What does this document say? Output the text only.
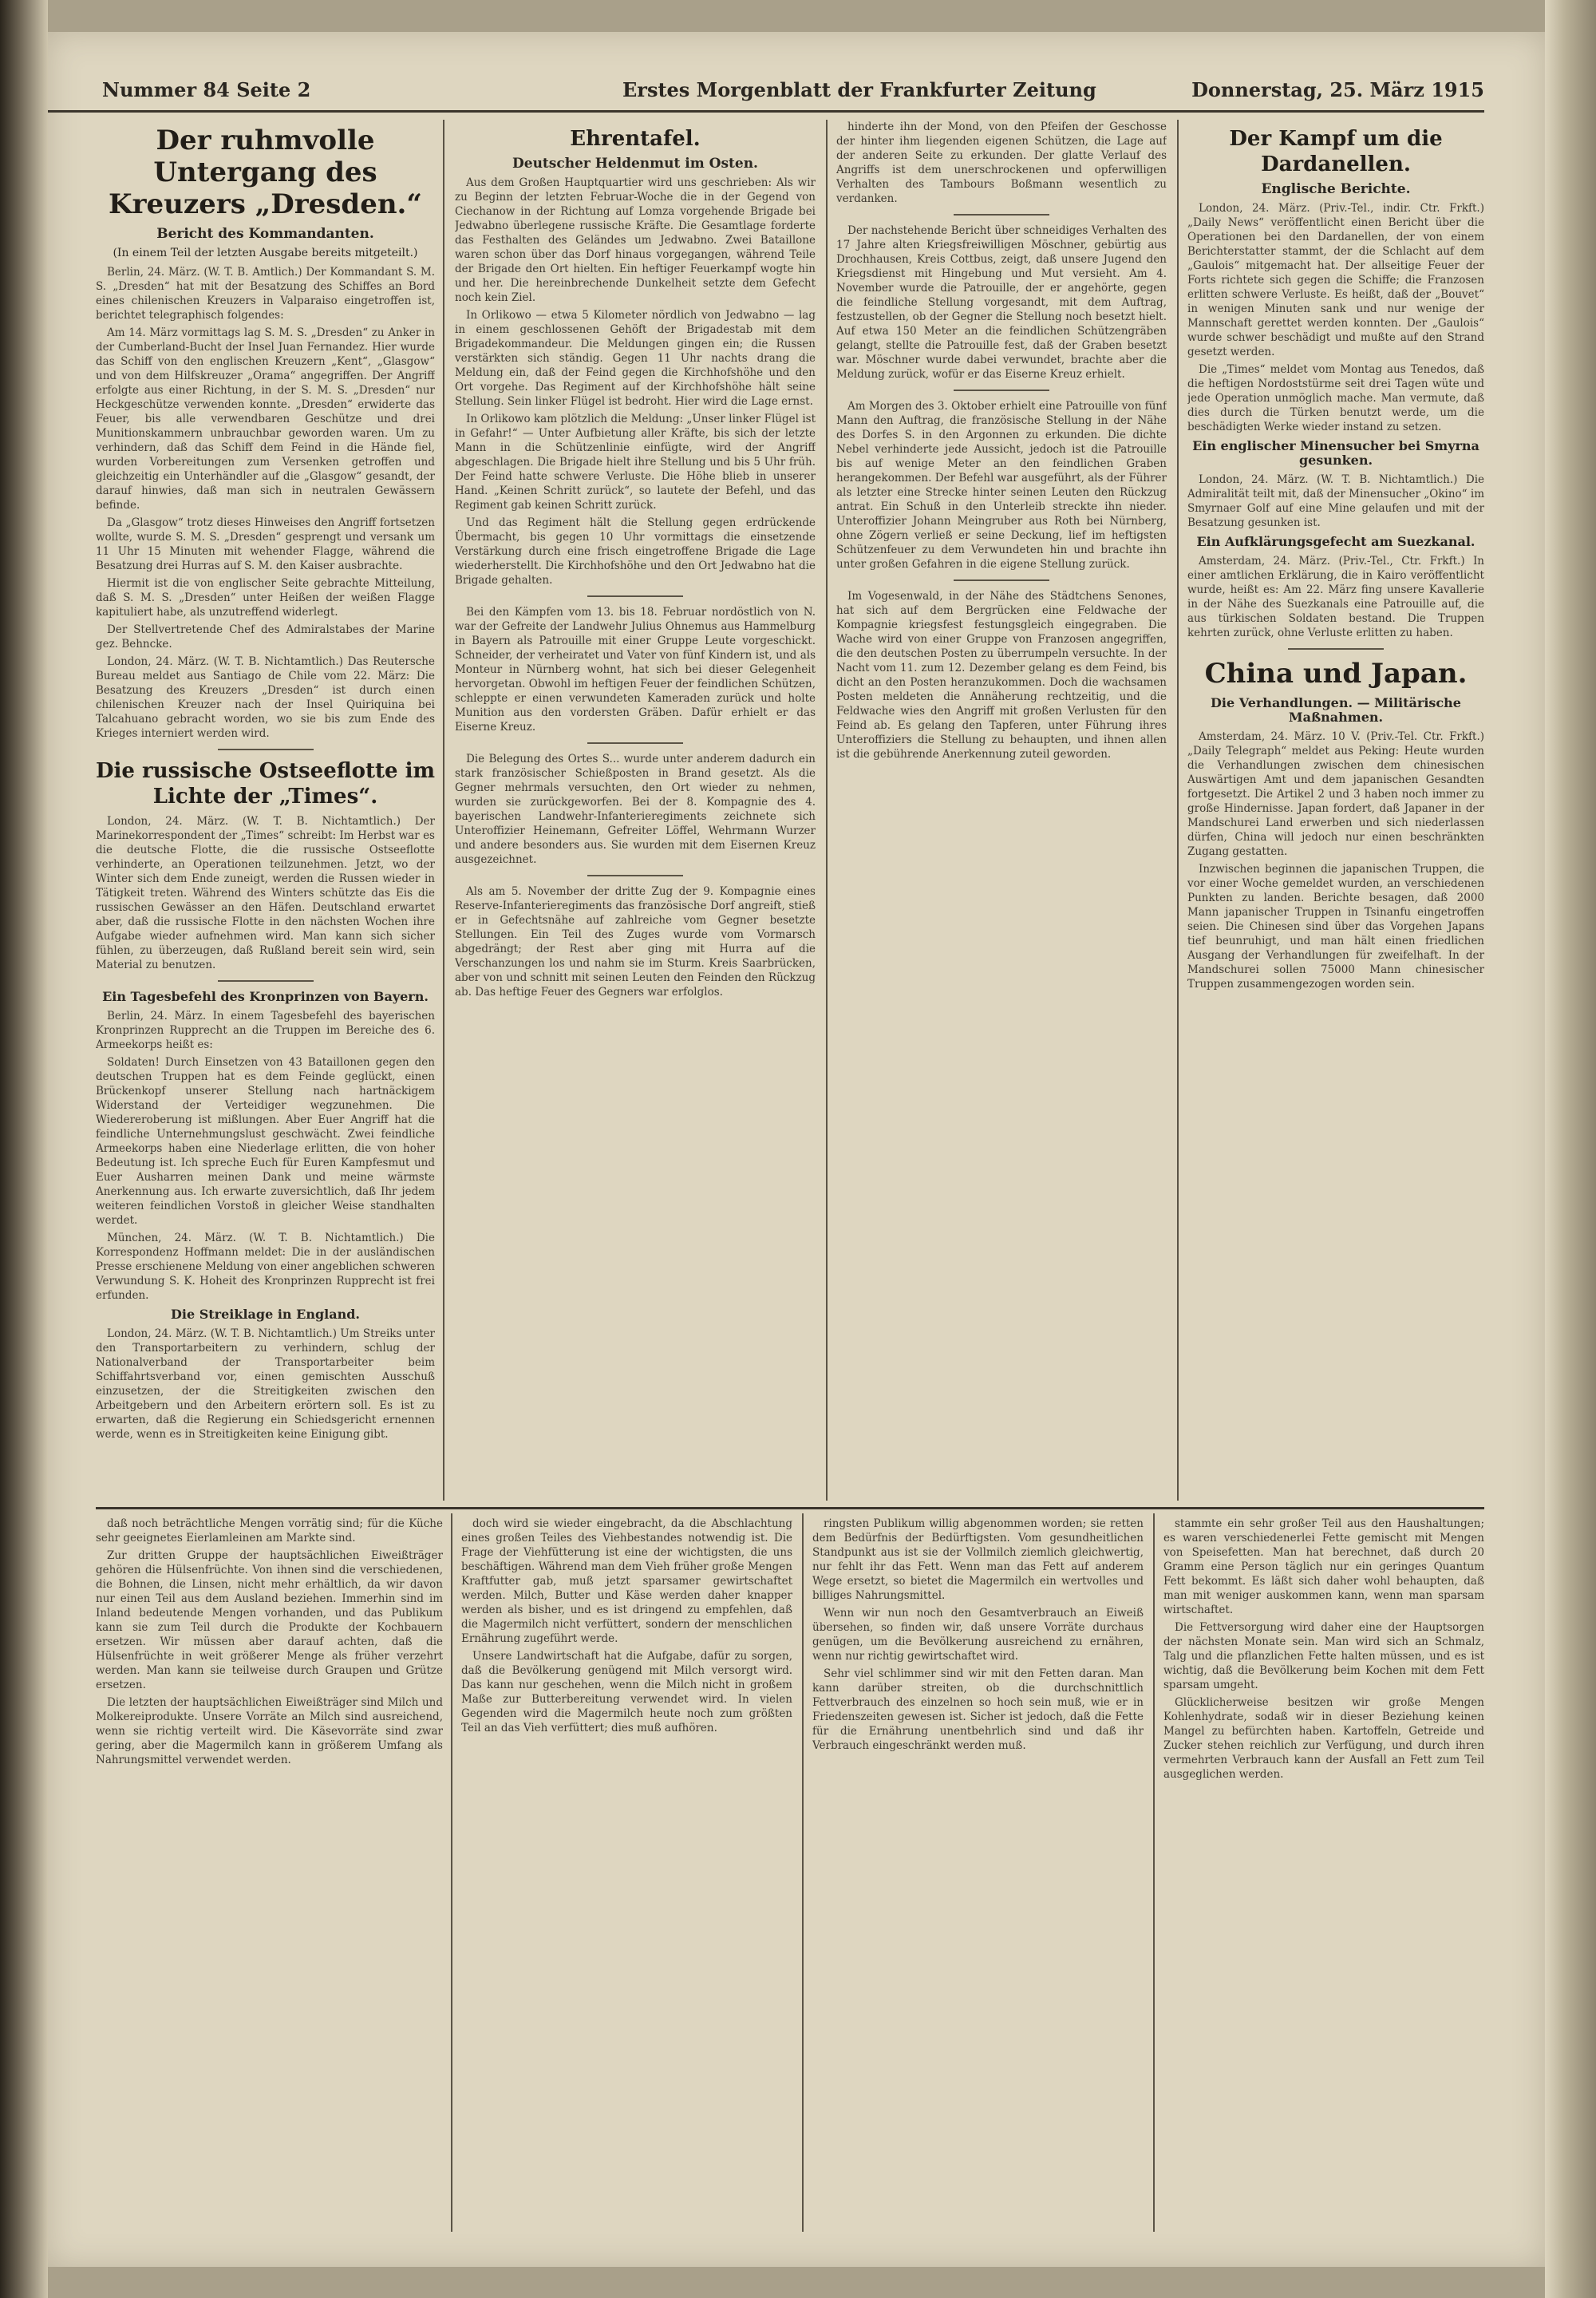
Nummer 84 Seite 2	Erstes Morgenblatt der Frankfurter Zeitung	Donnerstag, 25. März 1915
Der ruhmvolle Untergang des Kreuzers „Dresden.“
Bericht des Kommandanten.
(In einem Teil der letzten Ausgabe bereits mitgeteilt.)

Berlin, 24. März. (W. T. B. Amtlich.) Der Kommandant S. M. S. „Dresden“ hat mit der Besatzung des Schiffes an Bord eines chilenischen Kreuzers in Valparaiso eingetroffen ist, berichtet telegraphisch folgendes:

Am 14. März vormittags lag S. M. S. „Dresden“ zu Anker in der Cumberland-Bucht der Insel Juan Fernandez. Hier wurde das Schiff von den englischen Kreuzern „Kent“, „Glasgow“ und von dem Hilfskreuzer „Orama“ angegriffen. Der Angriff erfolgte aus einer Richtung, in der S. M. S. „Dresden“ nur Heckgeschütze verwenden konnte. „Dresden“ erwiderte das Feuer, bis alle verwendbaren Geschütze und drei Munitionskammern unbrauchbar geworden waren. Um zu verhindern, daß das Schiff dem Feind in die Hände fiel, wurden Vorbereitungen zum Versenken getroffen und gleichzeitig ein Unterhändler auf die „Glasgow“ gesandt, der darauf hinwies, daß man sich in neutralen Gewässern befinde.

Da „Glasgow“ trotz dieses Hinweises den Angriff fortsetzen wollte, wurde S. M. S. „Dresden“ gesprengt und versank um 11 Uhr 15 Minuten mit wehender Flagge, während die Besatzung drei Hurras auf S. M. den Kaiser ausbrachte.

Hiermit ist die von englischer Seite gebrachte Mitteilung, daß S. M. S. „Dresden“ unter Heißen der weißen Flagge kapituliert habe, als unzutreffend widerlegt.

Der Stellvertretende Chef des Admiralstabes der Marine gez. Behncke.

London, 24. März. (W. T. B. Nichtamtlich.) Das Reutersche Bureau meldet aus Santiago de Chile vom 22. März: Die Besatzung des Kreuzers „Dresden“ ist durch einen chilenischen Kreuzer nach der Insel Quiriquina bei Talcahuano gebracht worden, wo sie bis zum Ende des Krieges interniert werden wird.

Die russische Ostseeflotte im Lichte der „Times“.

London, 24. März. (W. T. B. Nichtamtlich.) Der Marinekorrespondent der „Times“ schreibt: Im Herbst war es die deutsche Flotte, die die russische Ostseeflotte verhinderte, an Operationen teilzunehmen. Jetzt, wo der Winter sich dem Ende zuneigt, werden die Russen wieder in Tätigkeit treten. Während des Winters schützte das Eis die russischen Gewässer an den Häfen. Deutschland erwartet aber, daß die russische Flotte in den nächsten Wochen ihre Aufgabe wieder aufnehmen wird. Man kann sich sicher fühlen, zu überzeugen, daß Rußland bereit sein wird, sein Material zu benutzen.

Ein Tagesbefehl des Kronprinzen von Bayern.

Berlin, 24. März. In einem Tagesbefehl des bayerischen Kronprinzen Rupprecht an die Truppen im Bereiche des 6. Armeekorps heißt es:

Soldaten! Durch Einsetzen von 43 Bataillonen gegen den deutschen Truppen hat es dem Feinde geglückt, einen Brückenkopf unserer Stellung nach hartnäckigem Widerstand der Verteidiger wegzunehmen. Die Wiedereroberung ist mißlungen. Aber Euer Angriff hat die feindliche Unternehmungslust geschwächt. Zwei feindliche Armeekorps haben eine Niederlage erlitten, die von hoher Bedeutung ist. Ich spreche Euch für Euren Kampfesmut und Euer Ausharren meinen Dank und meine wärmste Anerkennung aus. Ich erwarte zuversichtlich, daß Ihr jedem weiteren feindlichen Vorstoß in gleicher Weise standhalten werdet.

München, 24. März. (W. T. B. Nichtamtlich.) Die Korrespondenz Hoffmann meldet: Die in der ausländischen Presse erschienene Meldung von einer angeblichen schweren Verwundung S. K. Hoheit des Kronprinzen Rupprecht ist frei erfunden.

Die Streiklage in England.

London, 24. März. (W. T. B. Nichtamtlich.) Um Streiks unter den Transportarbeitern zu verhindern, schlug der Nationalverband der Transportarbeiter beim Schiffahrtsverband vor, einen gemischten Ausschuß einzusetzen, der die Streitigkeiten zwischen den Arbeitgebern und den Arbeitern erörtern soll. Es ist zu erwarten, daß die Regierung ein Schiedsgericht ernennen werde, wenn es in Streitigkeiten keine Einigung gibt.

Ehrentafel.
Deutscher Heldenmut im Osten.

Aus dem Großen Hauptquartier wird uns geschrieben: Als wir zu Beginn der letzten Februar-Woche die in der Gegend von Ciechanow in der Richtung auf Lomza vorgehende Brigade bei Jedwabno überlegene russische Kräfte. Die Gesamtlage forderte das Festhalten des Geländes um Jedwabno. Zwei Bataillone waren schon über das Dorf hinaus vorgegangen, während Teile der Brigade den Ort hielten. Ein heftiger Feuerkampf wogte hin und her. Die hereinbrechende Dunkelheit setzte dem Gefecht noch kein Ziel.

In Orlikowo — etwa 5 Kilometer nördlich von Jedwabno — lag in einem geschlossenen Gehöft der Brigadestab mit dem Brigadekommandeur. Die Meldungen gingen ein; die Russen verstärkten sich ständig. Gegen 11 Uhr nachts drang die Meldung ein, daß der Feind gegen die Kirchhofshöhe und den Ort vorgehe. Das Regiment auf der Kirchhofshöhe hält seine Stellung. Sein linker Flügel ist bedroht. Hier wird die Lage ernst.

In Orlikowo kam plötzlich die Meldung: „Unser linker Flügel ist in Gefahr!“ — Unter Aufbietung aller Kräfte, bis sich der letzte Mann in die Schützenlinie einfügte, wird der Angriff abgeschlagen. Die Brigade hielt ihre Stellung und bis 5 Uhr früh. Der Feind hatte schwere Verluste. Die Höhe blieb in unserer Hand. „Keinen Schritt zurück“, so lautete der Befehl, und das Regiment gab keinen Schritt zurück.

Und das Regiment hält die Stellung gegen erdrückende Übermacht, bis gegen 10 Uhr vormittags die einsetzende Verstärkung durch eine frisch eingetroffene Brigade die Lage wiederherstellt. Die Kirchhofshöhe und den Ort Jedwabno hat die Brigade gehalten.

Bei den Kämpfen vom 13. bis 18. Februar nordöstlich von N. war der Gefreite der Landwehr Julius Ohnemus aus Hammelburg in Bayern als Patrouille mit einer Gruppe Leute vorgeschickt. Schneider, der verheiratet und Vater von fünf Kindern ist, und als Monteur in Nürnberg wohnt, hat sich bei dieser Gelegenheit hervorgetan. Obwohl im heftigen Feuer der feindlichen Schützen, schleppte er einen verwundeten Kameraden zurück und holte Munition aus den vordersten Gräben. Dafür erhielt er das Eiserne Kreuz.

Die Belegung des Ortes S... wurde unter anderem dadurch ein stark französischer Schießposten in Brand gesetzt. Als die Gegner mehrmals versuchten, den Ort wieder zu nehmen, wurden sie zurückgeworfen. Bei der 8. Kompagnie des 4. bayerischen Landwehr-Infanterieregiments zeichnete sich Unteroffizier Heinemann, Gefreiter Löffel, Wehrmann Wurzer und andere besonders aus. Sie wurden mit dem Eisernen Kreuz ausgezeichnet.

Als am 5. November der dritte Zug der 9. Kompagnie eines Reserve-Infanterieregiments das französische Dorf angreift, stieß er in Gefechtsnähe auf zahlreiche vom Gegner besetzte Stellungen. Ein Teil des Zuges wurde vom Vormarsch abgedrängt; der Rest aber ging mit Hurra auf die Verschanzungen los und nahm sie im Sturm. Kreis Saarbrücken, aber von und schnitt mit seinen Leuten den Feinden den Rückzug ab. Das heftige Feuer des Gegners war erfolglos.

hinderte ihn der Mond, von den Pfeifen der Geschosse der hinter ihm liegenden eigenen Schützen, die Lage auf der anderen Seite zu erkunden. Der glatte Verlauf des Angriffs ist dem unerschrockenen und opferwilligen Verhalten des Tambours Boßmann wesentlich zu verdanken.

Der nachstehende Bericht über schneidiges Verhalten des 17 Jahre alten Kriegsfreiwilligen Möschner, gebürtig aus Drochhausen, Kreis Cottbus, zeigt, daß unsere Jugend den Kriegsdienst mit Hingebung und Mut versieht. Am 4. November wurde die Patrouille, der er angehörte, gegen die feindliche Stellung vorgesandt, mit dem Auftrag, festzustellen, ob der Gegner die Stellung noch besetzt hielt. Auf etwa 150 Meter an die feindlichen Schützengräben gelangt, stellte die Patrouille fest, daß der Graben besetzt war. Möschner wurde dabei verwundet, brachte aber die Meldung zurück, wofür er das Eiserne Kreuz erhielt.

Am Morgen des 3. Oktober erhielt eine Patrouille von fünf Mann den Auftrag, die französische Stellung in der Nähe des Dorfes S. in den Argonnen zu erkunden. Die dichte Nebel verhinderte jede Aussicht, jedoch ist die Patrouille bis auf wenige Meter an den feindlichen Graben herangekommen. Der Befehl war ausgeführt, als der Führer als letzter eine Strecke hinter seinen Leuten den Rückzug antrat. Ein Schuß in den Unterleib streckte ihn nieder. Unteroffizier Johann Meingruber aus Roth bei Nürnberg, ohne Zögern verließ er seine Deckung, lief im heftigsten Schützenfeuer zu dem Verwundeten hin und brachte ihn unter großen Gefahren in die eigene Stellung zurück.

Im Vogesenwald, in der Nähe des Städtchens Senones, hat sich auf dem Bergrücken eine Feldwache der Kompagnie kriegsfest festungsgleich eingegraben. Die Wache wird von einer Gruppe von Franzosen angegriffen, die den deutschen Posten zu überrumpeln versuchte. In der Nacht vom 11. zum 12. Dezember gelang es dem Feind, bis dicht an den Posten heranzukommen. Doch die wachsamen Posten meldeten die Annäherung rechtzeitig, und die Feldwache wies den Angriff mit großen Verlusten für den Feind ab. Es gelang den Tapferen, unter Führung ihres Unteroffiziers die Stellung zu behaupten, und ihnen allen ist die gebührende Anerkennung zuteil geworden.

Der Kampf um die Dardanellen.
Englische Berichte.

London, 24. März. (Priv.-Tel., indir. Ctr. Frkft.) „Daily News“ veröffentlicht einen Bericht über die Operationen bei den Dardanellen, der von einem Berichterstatter stammt, der die Schlacht auf dem „Gaulois“ mitgemacht hat. Der allseitige Feuer der Forts richtete sich gegen die Schiffe; die Franzosen erlitten schwere Verluste. Es heißt, daß der „Bouvet“ in wenigen Minuten sank und nur wenige der Mannschaft gerettet werden konnten. Der „Gaulois“ wurde schwer beschädigt und mußte auf den Strand gesetzt werden.

Die „Times“ meldet vom Montag aus Tenedos, daß die heftigen Nordoststürme seit drei Tagen wüte und jede Operation unmöglich mache. Man vermute, daß dies durch die Türken benutzt werde, um die beschädigten Werke wieder instand zu setzen.

Ein englischer Minensucher bei Smyrna gesunken.

London, 24. März. (W. T. B. Nichtamtlich.) Die Admiralität teilt mit, daß der Minensucher „Okino“ im Smyrnaer Golf auf eine Mine gelaufen und mit der Besatzung gesunken ist.

Ein Aufklärungsgefecht am Suezkanal.

Amsterdam, 24. März. (Priv.-Tel., Ctr. Frkft.) In einer amtlichen Erklärung, die in Kairo veröffentlicht wurde, heißt es: Am 22. März fing unsere Kavallerie in der Nähe des Suezkanals eine Patrouille auf, die aus türkischen Soldaten bestand. Die Truppen kehrten zurück, ohne Verluste erlitten zu haben.

China und Japan.
Die Verhandlungen. — Militärische Maßnahmen.

Amsterdam, 24. März. 10 V. (Priv.-Tel. Ctr. Frkft.) „Daily Telegraph“ meldet aus Peking: Heute wurden die Verhandlungen zwischen dem chinesischen Auswärtigen Amt und dem japanischen Gesandten fortgesetzt. Die Artikel 2 und 3 haben noch immer zu große Hindernisse. Japan fordert, daß Japaner in der Mandschurei Land erwerben und sich niederlassen dürfen, China will jedoch nur einen beschränkten Zugang gestatten.

Inzwischen beginnen die japanischen Truppen, die vor einer Woche gemeldet wurden, an verschiedenen Punkten zu landen. Berichte besagen, daß 2000 Mann japanischer Truppen in Tsinanfu eingetroffen seien. Die Chinesen sind über das Vorgehen Japans tief beunruhigt, und man hält einen friedlichen Ausgang der Verhandlungen für zweifelhaft. In der Mandschurei sollen 75000 Mann chinesischer Truppen zusammengezogen worden sein.

daß noch beträchtliche Mengen vorrätig sind; für die Küche sehr geeignetes Eierlamleinen am Markte sind.

Zur dritten Gruppe der hauptsächlichen Eiweißträger gehören die Hülsenfrüchte. Von ihnen sind die verschiedenen, die Bohnen, die Linsen, nicht mehr erhältlich, da wir davon nur einen Teil aus dem Ausland beziehen. Immerhin sind im Inland bedeutende Mengen vorhanden, und das Publikum kann sie zum Teil durch die Produkte der Kochbauern ersetzen. Wir müssen aber darauf achten, daß die Hülsenfrüchte in weit größerer Menge als früher verzehrt werden. Man kann sie teilweise durch Graupen und Grütze ersetzen.

Die letzten der hauptsächlichen Eiweißträger sind Milch und Molkereiprodukte. Unsere Vorräte an Milch sind ausreichend, wenn sie richtig verteilt wird. Die Käsevorräte sind zwar gering, aber die Magermilch kann in größerem Umfang als Nahrungsmittel verwendet werden.

doch wird sie wieder eingebracht, da die Abschlachtung eines großen Teiles des Viehbestandes notwendig ist. Die Frage der Viehfütterung ist eine der wichtigsten, die uns beschäftigen. Während man dem Vieh früher große Mengen Kraftfutter gab, muß jetzt sparsamer gewirtschaftet werden. Milch, Butter und Käse werden daher knapper werden als bisher, und es ist dringend zu empfehlen, daß die Magermilch nicht verfüttert, sondern der menschlichen Ernährung zugeführt werde.

Unsere Landwirtschaft hat die Aufgabe, dafür zu sorgen, daß die Bevölkerung genügend mit Milch versorgt wird. Das kann nur geschehen, wenn die Milch nicht in großem Maße zur Butterbereitung verwendet wird. In vielen Gegenden wird die Magermilch heute noch zum größten Teil an das Vieh verfüttert; dies muß aufhören.

ringsten Publikum willig abgenommen worden; sie retten dem Bedürfnis der Bedürftigsten. Vom gesundheitlichen Standpunkt aus ist sie der Vollmilch ziemlich gleichwertig, nur fehlt ihr das Fett. Wenn man das Fett auf anderem Wege ersetzt, so bietet die Magermilch ein wertvolles und billiges Nahrungsmittel.

Wenn wir nun noch den Gesamtverbrauch an Eiweiß übersehen, so finden wir, daß unsere Vorräte durchaus genügen, um die Bevölkerung ausreichend zu ernähren, wenn nur richtig gewirtschaftet wird.

Sehr viel schlimmer sind wir mit den Fetten daran. Man kann darüber streiten, ob die durchschnittlich Fettverbrauch des einzelnen so hoch sein muß, wie er in Friedenszeiten gewesen ist. Sicher ist jedoch, daß die Fette für die Ernährung unentbehrlich sind und daß ihr Verbrauch eingeschränkt werden muß.

stammte ein sehr großer Teil aus den Haushaltungen; es waren verschiedenerlei Fette gemischt mit Mengen von Speisefetten. Man hat berechnet, daß durch 20 Gramm eine Person täglich nur ein geringes Quantum Fett bekommt. Es läßt sich daher wohl behaupten, daß man mit weniger auskommen kann, wenn man sparsam wirtschaftet.

Die Fettversorgung wird daher eine der Hauptsorgen der nächsten Monate sein. Man wird sich an Schmalz, Talg und die pflanzlichen Fette halten müssen, und es ist wichtig, daß die Bevölkerung beim Kochen mit dem Fett sparsam umgeht.

Glücklicherweise besitzen wir große Mengen Kohlenhydrate, sodaß wir in dieser Beziehung keinen Mangel zu befürchten haben. Kartoffeln, Getreide und Zucker stehen reichlich zur Verfügung, und durch ihren vermehrten Verbrauch kann der Ausfall an Fett zum Teil ausgeglichen werden.
